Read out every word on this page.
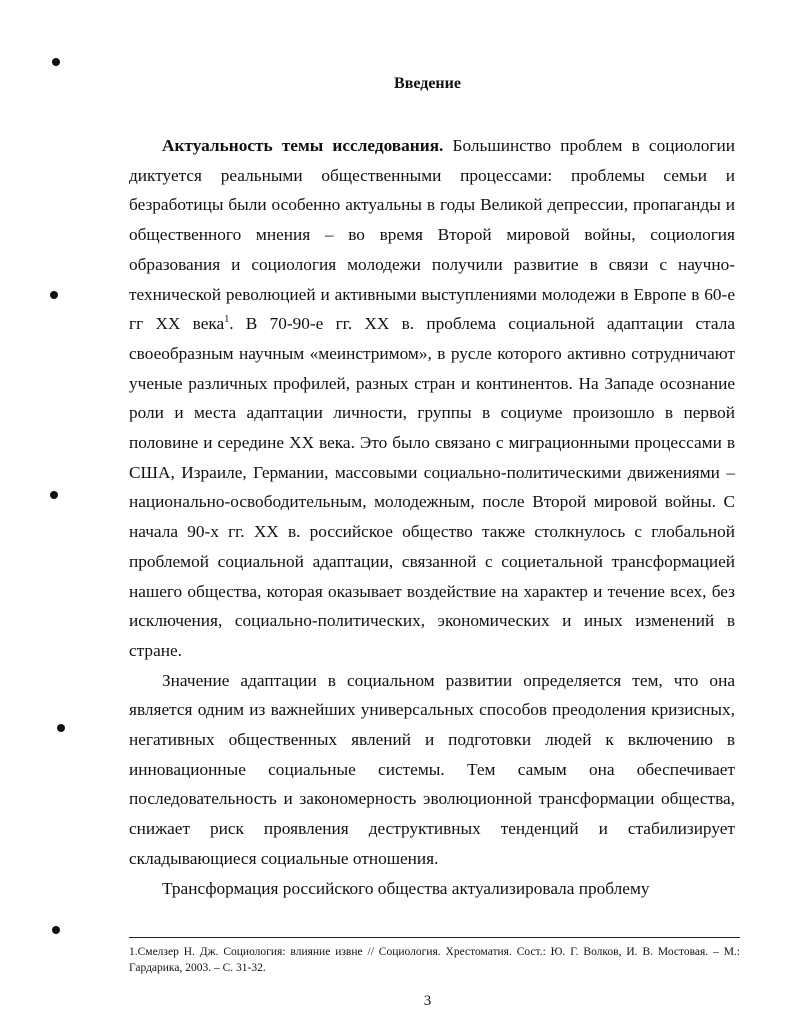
Введение

Актуальность темы исследования. Большинство проблем в социологии диктуется реальными общественными процессами: проблемы семьи и безработицы были особенно актуальны в годы Великой депрессии, пропаганды и общественного мнения – во время Второй мировой войны, социология образования и социология молодежи получили развитие в связи с научно-технической революцией и активными выступлениями молодежи в Европе в 60-е гг XX века$^1$. В 70-90-е гг. XX в. проблема социальной адаптации стала своеобразным научным «меинстримом», в русле которого активно сотрудничают ученые различных профилей, разных стран и континентов. На Западе осознание роли и места адаптации личности, группы в социуме произошло в первой половине и середине XX века. Это было связано с миграционными процессами в США, Израиле, Германии, массовыми социально-политическими движениями – национально-освободительным, молодежным, после Второй мировой войны. С начала 90-х гг. XX в. российское общество также столкнулось с глобальной проблемой социальной адаптации, связанной с социетальной трансформацией нашего общества, которая оказывает воздействие на характер и течение всех, без исключения, социально-политических, экономических и иных изменений в стране.

Значение адаптации в социальном развитии определяется тем, что она является одним из важнейших универсальных способов преодоления кризисных, негативных общественных явлений и подготовки людей к включению в инновационные социальные системы. Тем самым она обеспечивает последовательность и закономерность эволюционной трансформации общества, снижает риск проявления деструктивных тенденций и стабилизирует складывающиеся социальные отношения.

Трансформация российского общества актуализировала проблему

1.Смелзер Н. Дж. Социология: влияние извне // Социология. Хрестоматия. Сост.: Ю. Г. Волков, И. В. Мостовая. – М.: Гардарика, 2003. – С. 31-32.
3
